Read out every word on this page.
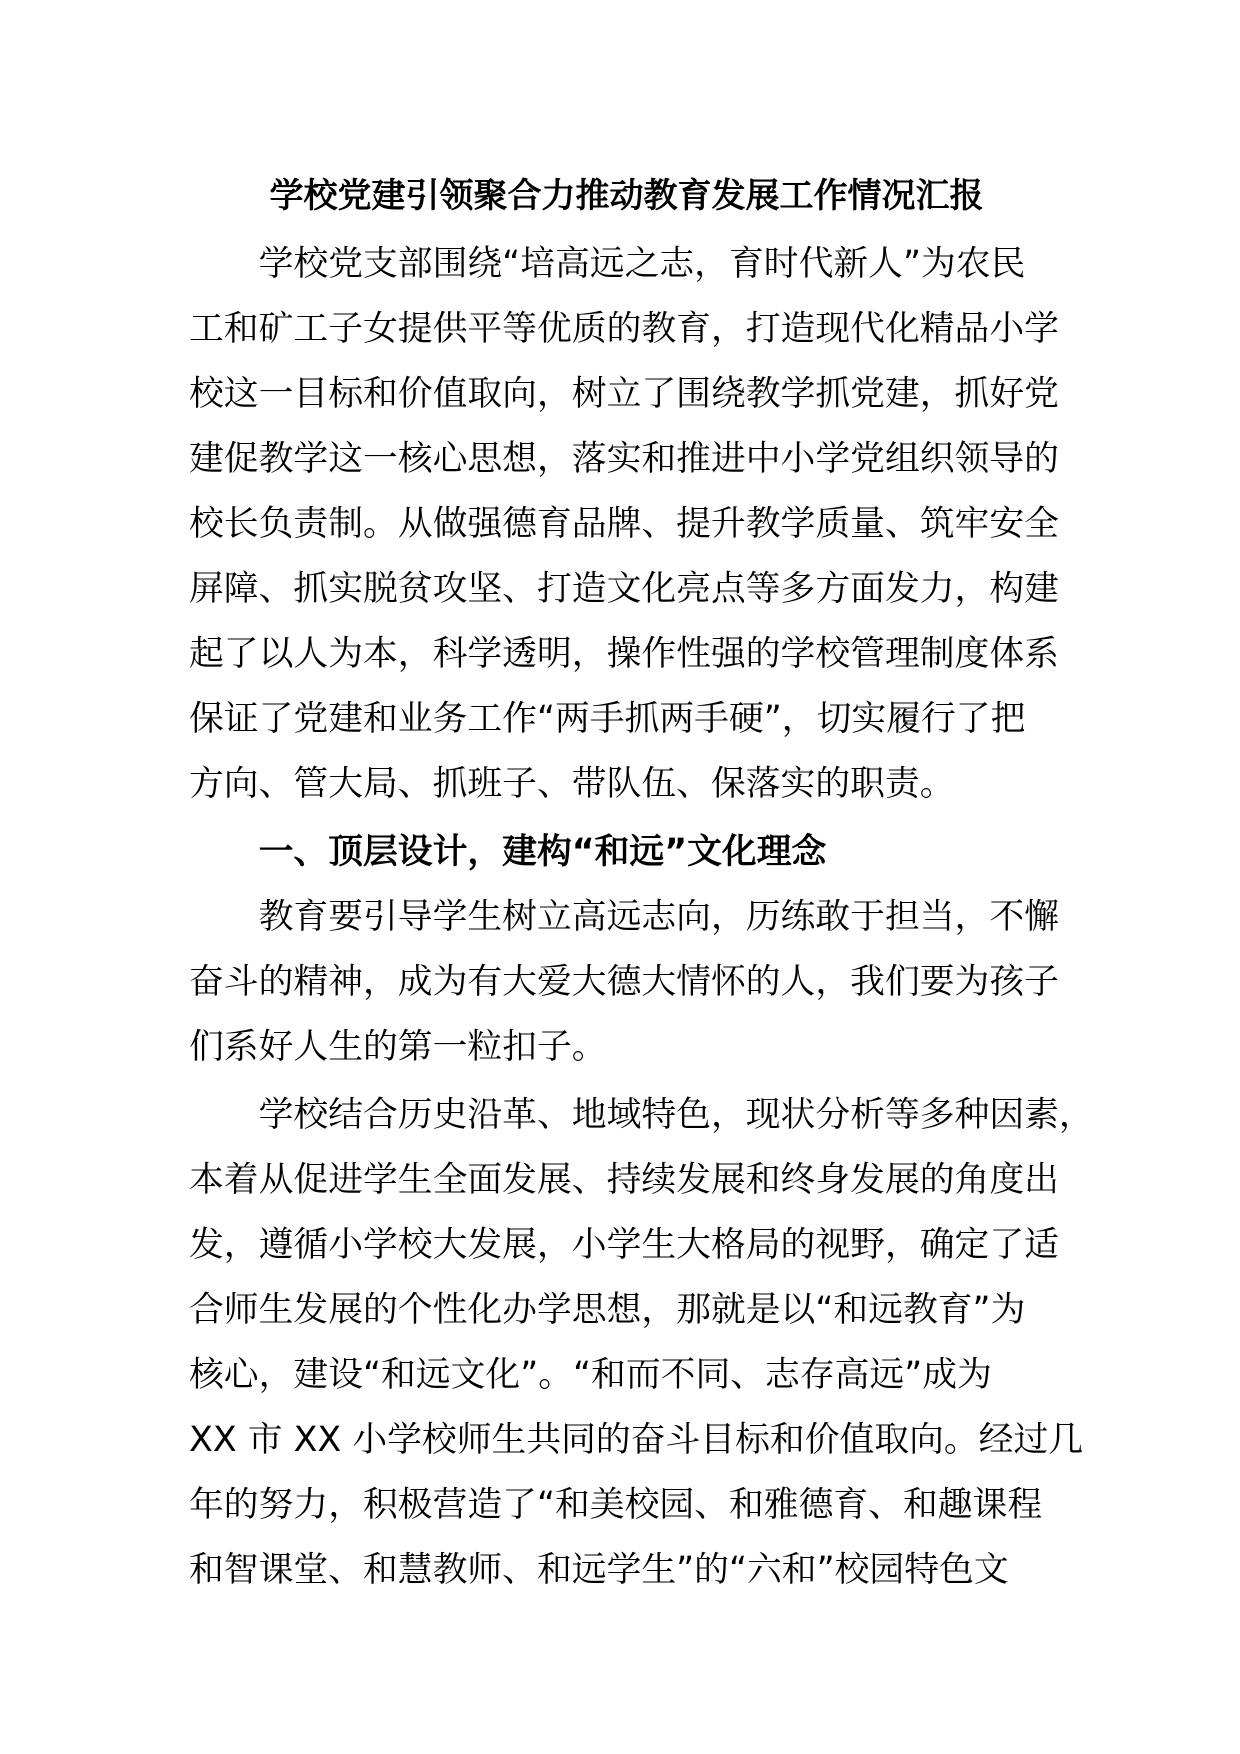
学校党建引领聚合力推动教育发展工作情况汇报
学校党支部围绕“培高远之志，育时代新人”为农民
工和矿工子女提供平等优质的教育，打造现代化精品小学
校这一目标和价值取向，树立了围绕教学抓党建，抓好党
建促教学这一核心思想，落实和推进中小学党组织领导的
校长负责制。从做强德育品牌、提升教学质量、筑牢安全
屏障、抓实脱贫攻坚、打造文化亮点等多方面发力，构建
起了以人为本，科学透明，操作性强的学校管理制度体系
保证了党建和业务工作“两手抓两手硬”，切实履行了把
方向、管大局、抓班子、带队伍、保落实的职责。
一、顶层设计，建构“和远”文化理念
教育要引导学生树立高远志向，历练敢于担当，不懈
奋斗的精神，成为有大爱大德大情怀的人，我们要为孩子
们系好人生的第一粒扣子。
学校结合历史沿革、地域特色，现状分析等多种因素，
本着从促进学生全面发展、持续发展和终身发展的角度出
发，遵循小学校大发展，小学生大格局的视野，确定了适
合师生发展的个性化办学思想，那就是以“和远教育”为
核心，建设“和远文化”。“和而不同、志存高远”成为
XX 市 XX 小学校师生共同的奋斗目标和价值取向。经过几
年的努力，积极营造了“和美校园、和雅德育、和趣课程
和智课堂、和慧教师、和远学生”的“六和”校园特色文
